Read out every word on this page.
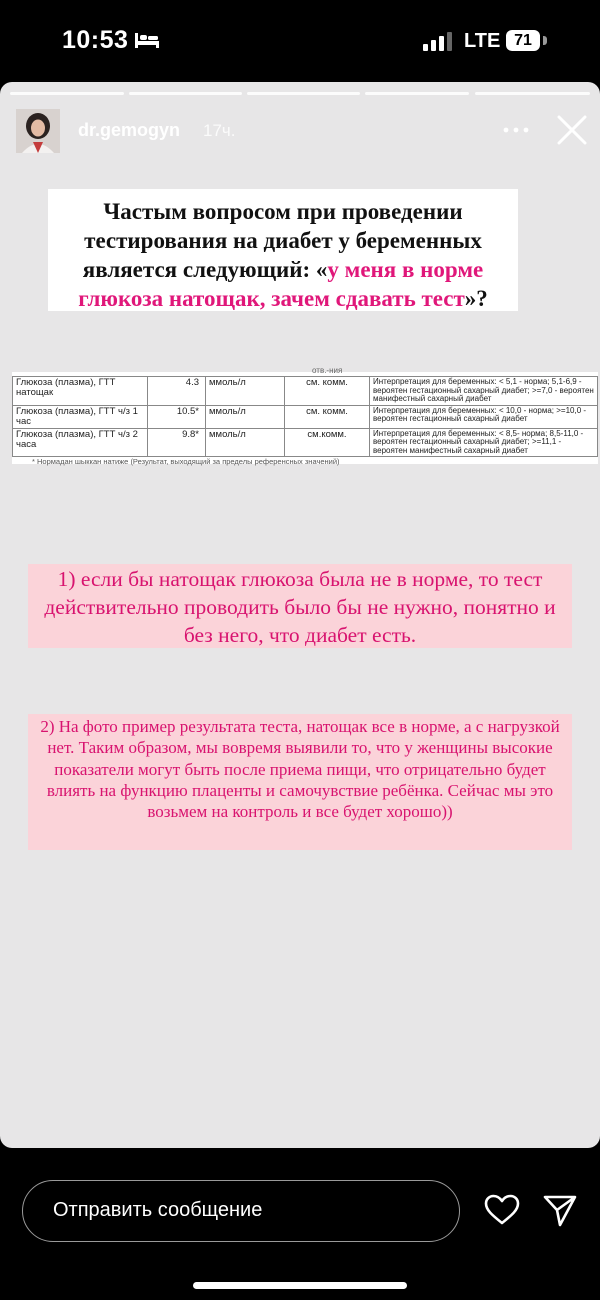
10:53	LTE 71
dr.gemogyn 17ч.
Частым вопросом при проведении тестирования на диабет у беременных является следующий: «у меня в норме глюкоза натощак, зачем сдавать тест»?
отв.-ния
Глюкоза (плазма), ГТТ натощак	4.3	ммоль/л	см. комм.	Интерпретация для беременных: < 5,1 - норма; 5,1-6,9 - вероятен гестационный сахарный диабет; >=7,0 - вероятен манифестный сахарный диабет
Глюкоза (плазма), ГТТ ч/з 1 час	10.5*	ммоль/л	см. комм.	Интерпретация для беременных: < 10,0 - норма; >=10,0 - вероятен гестационный сахарный диабет
Глюкоза (плазма), ГТТ ч/з 2 часа	9.8*	ммоль/л	см.комм.	Интерпретация для беременных: < 8,5- норма; 8,5-11,0 - вероятен гестационный сахарный диабет; >=11,1 - вероятен манифестный сахарный диабет
* Нормадан шыккан натиже (Результат, выходящий за пределы референсных значений)
1) если бы натощак глюкоза была не в норме, то тест действительно проводить было бы не нужно, понятно и без него, что диабет есть.
2) На фото пример результата теста, натощак все в норме, а с нагрузкой нет. Таким образом, мы вовремя выявили то, что у женщины высокие показатели могут быть после приема пищи, что отрицательно будет влиять на функцию плаценты и самочувствие ребёнка. Сейчас мы это возьмем на контроль и все будет хорошо))
Отправить сообщение
